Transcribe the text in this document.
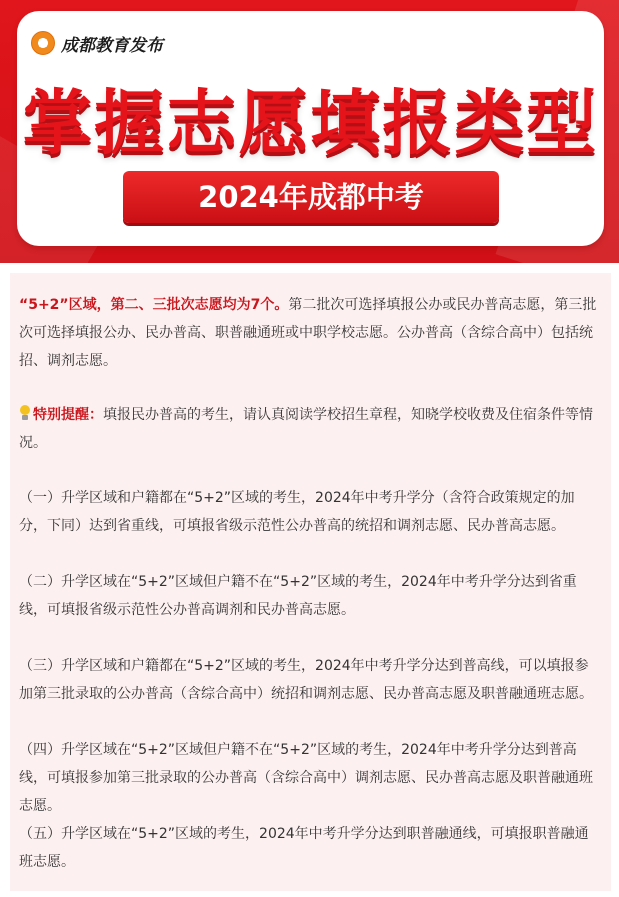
成都教育发布
掌握志愿填报类型
2024年成都中考

“5+2”区域，第二、三批次志愿均为7个。第二批次可选择填报公办或民办普高志愿，第三批次可选择填报公办、民办普高、职普融通班或中职学校志愿。公办普高（含综合高中）包括统招、调剂志愿。

特别提醒：填报民办普高的考生，请认真阅读学校招生章程，知晓学校收费及住宿条件等情况。

（一）升学区域和户籍都在“5+2”区域的考生，2024年中考升学分（含符合政策规定的加分，下同）达到省重线，可填报省级示范性公办普高的统招和调剂志愿、民办普高志愿。

（二）升学区域在“5+2”区域但户籍不在“5+2”区域的考生，2024年中考升学分达到省重线，可填报省级示范性公办普高调剂和民办普高志愿。

（三）升学区域和户籍都在“5+2”区域的考生，2024年中考升学分达到普高线，可以填报参加第三批录取的公办普高（含综合高中）统招和调剂志愿、民办普高志愿及职普融通班志愿。

（四）升学区域在“5+2”区域但户籍不在“5+2”区域的考生，2024年中考升学分达到普高线，可填报参加第三批录取的公办普高（含综合高中）调剂志愿、民办普高志愿及职普融通班志愿。

（五）升学区域在“5+2”区域的考生，2024年中考升学分达到职普融通线，可填报职普融通班志愿。
